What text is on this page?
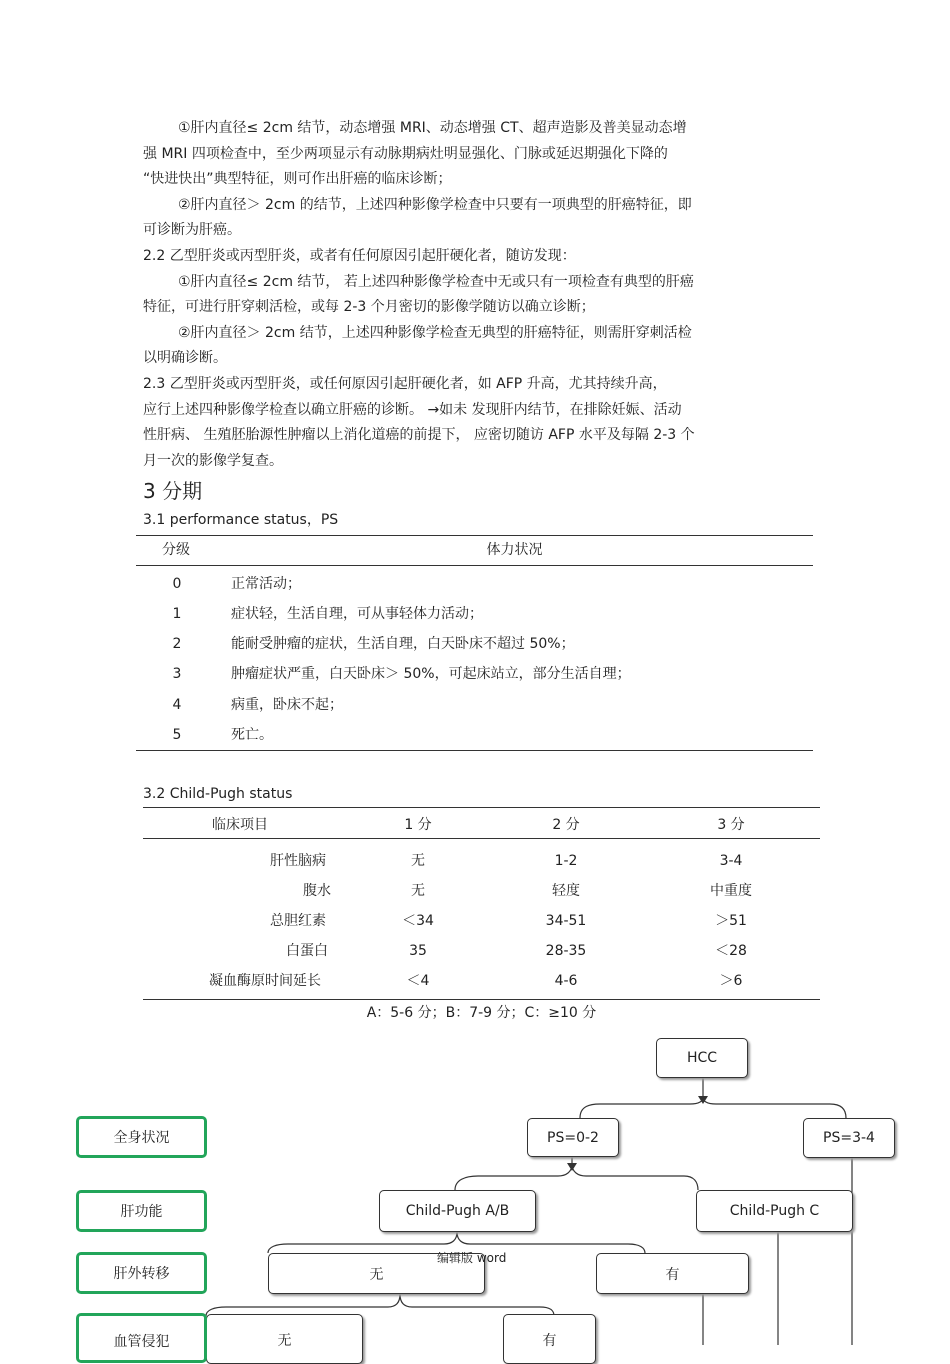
①肝内直径≤ 2cm 结节，动态增强 MRI、动态增强 CT、超声造影及普美显动态增
强 MRI 四项检查中，至少两项显示有动脉期病灶明显强化、门脉或延迟期强化下降的
“快进快出”典型特征，则可作出肝癌的临床诊断；
②肝内直径＞ 2cm 的结节，上述四种影像学检查中只要有一项典型的肝癌特征，即
可诊断为肝癌。
2.2 乙型肝炎或丙型肝炎，或者有任何原因引起肝硬化者，随访发现：
①肝内直径≤ 2cm 结节， 若上述四种影像学检查中无或只有一项检查有典型的肝癌
特征，可进行肝穿刺活检，或每 2-3 个月密切的影像学随访以确立诊断；
②肝内直径＞ 2cm 结节，上述四种影像学检查无典型的肝癌特征，则需肝穿刺活检
以明确诊断。
2.3 乙型肝炎或丙型肝炎，或任何原因引起肝硬化者，如 AFP 升高，尤其持续升高，
应行上述四种影像学检查以确立肝癌的诊断。 →如未 发现肝内结节，在排除妊娠、活动
性肝病、 生殖胚胎源性肿瘤以上消化道癌的前提下， 应密切随访 AFP 水平及每隔 2-3 个
月一次的影像学复查。
3 分期
3.1 performance status，PS
分级	体力状况
0	正常活动；
1	症状轻，生活自理，可从事轻体力活动；
2	能耐受肿瘤的症状，生活自理，白天卧床不超过 50%；
3	肿瘤症状严重，白天卧床＞ 50%，可起床站立，部分生活自理；
4	病重，卧床不起；
5	死亡。
3.2 Child-Pugh status
临床项目	1 分	2 分	3 分
肝性脑病	无	1-2	3-4
腹水	无	轻度	中重度
总胆红素	＜34	34-51	＞51
白蛋白	35	28-35	＜28
凝血酶原时间延长	＜4	4-6	＞6
A：5-6 分；B：7-9 分；C：≥10 分
HCC
PS=0-2	PS=3-4
Child-Pugh A/B	Child-Pugh C
无	有
无	有
全身状况
肝功能
肝外转移
血管侵犯
编辑版 word
